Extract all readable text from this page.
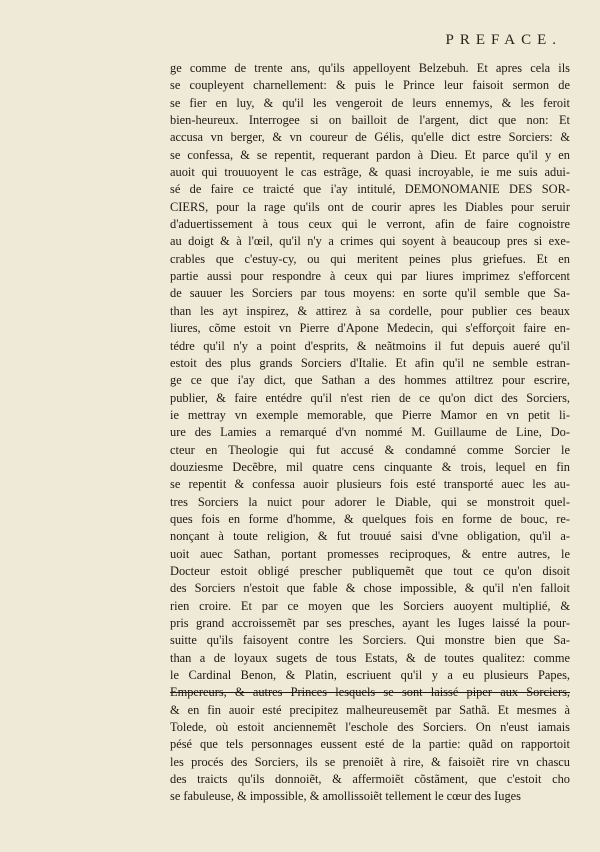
PREFACE.
ge comme de trente ans, qu'ils appelloyent Belzebuh. Et apres cela ils
se coupleyent charnellement: & puis le Prince leur faisoit sermon de
se fier en luy, & qu'il les vengeroit de leurs ennemys, & les feroit
bien-heureux. Interrogee si on bailloit de l'argent, dict que non: Et
accusa vn berger, & vn coureur de Gélis, qu'elle dict estre Sorciers: &
se confessa, & se repentit, requerant pardon à Dieu. Et parce qu'il y en
auoit qui trouuoyent le cas estrãge, & quasi incroyable, ie me suis adui-
sé de faire ce traicté que i'ay intitulé, DEMONOMANIE DES SOR-
CIERS, pour la rage qu'ils ont de courir apres les Diables pour seruir
d'aduertissement à tous ceux qui le verront, afin de faire cognoistre
au doigt & à l'œil, qu'il n'y a crimes qui soyent à beaucoup pres si exe-
crables que c'estuy-cy, ou qui meritent peines plus griefues. Et en
partie aussi pour respondre à ceux qui par liures imprimez s'efforcent
de sauuer les Sorciers par tous moyens: en sorte qu'il semble que Sa-
than les ayt inspirez, & attirez à sa cordelle, pour publier ces beaux
liures, cõme estoit vn Pierre d'Apone Medecin, qui s'efforçoit faire en-
tédre qu'il n'y a point d'esprits, & neãtmoins il fut depuis aueré qu'il
estoit des plus grands Sorciers d'Italie. Et afin qu'il ne semble estran-
ge ce que i'ay dict, que Sathan a des hommes attiltrez pour escrire,
publier, & faire entédre qu'il n'est rien de ce qu'on dict des Sorciers,
ie mettray vn exemple memorable, que Pierre Mamor en vn petit li-
ure des Lamies a remarqué d'vn nommé M. Guillaume de Line, Do-
cteur en Theologie qui fut accusé & condamné comme Sorcier le
douziesme Decẽbre, mil quatre cens cinquante & trois, lequel en fin
se repentit & confessa auoir plusieurs fois esté transporté auec les au-
tres Sorciers la nuict pour adorer le Diable, qui se monstroit quel-
ques fois en forme d'homme, & quelques fois en forme de bouc, re-
nonçant à toute religion, & fut trouué saisi d'vne obligation, qu'il a-
uoit auec Sathan, portant promesses reciproques, & entre autres, le
Docteur estoit obligé prescher publiquemẽt que tout ce qu'on disoit
des Sorciers n'estoit que fable & chose impossible, & qu'il n'en falloit
rien croire. Et par ce moyen que les Sorciers auoyent multiplié, &
pris grand accroissemẽt par ses presches, ayant les Iuges laissé la pour-
suitte qu'ils faisoyent contre les Sorciers. Qui monstre bien que Sa-
than a de loyaux sugets de tous Estats, & de toutes qualitez: comme
le Cardinal Benon, & Platin, escriuent qu'il y a eu plusieurs Papes,
Empereurs, & autres Princes lesquels se sont laissé piper aux Sorciers,
& en fin auoir esté precipitez malheureusemẽt par Sathã. Et mesmes à
Tolede, où estoit anciennemẽt l'eschole des Sorciers. On n'eust iamais
pésé que tels personnages eussent esté de la partie: quãd on rapportoit
les procés des Sorciers, ils se prenoiẽt à rire, & faisoiẽt rire vn chascu
des traicts qu'ils donnoiẽt, & affermoiẽt cõstãment, que c'estoit cho
se fabuleuse, & impossible, & amollissoiẽt tellement le cœur des Iuges
